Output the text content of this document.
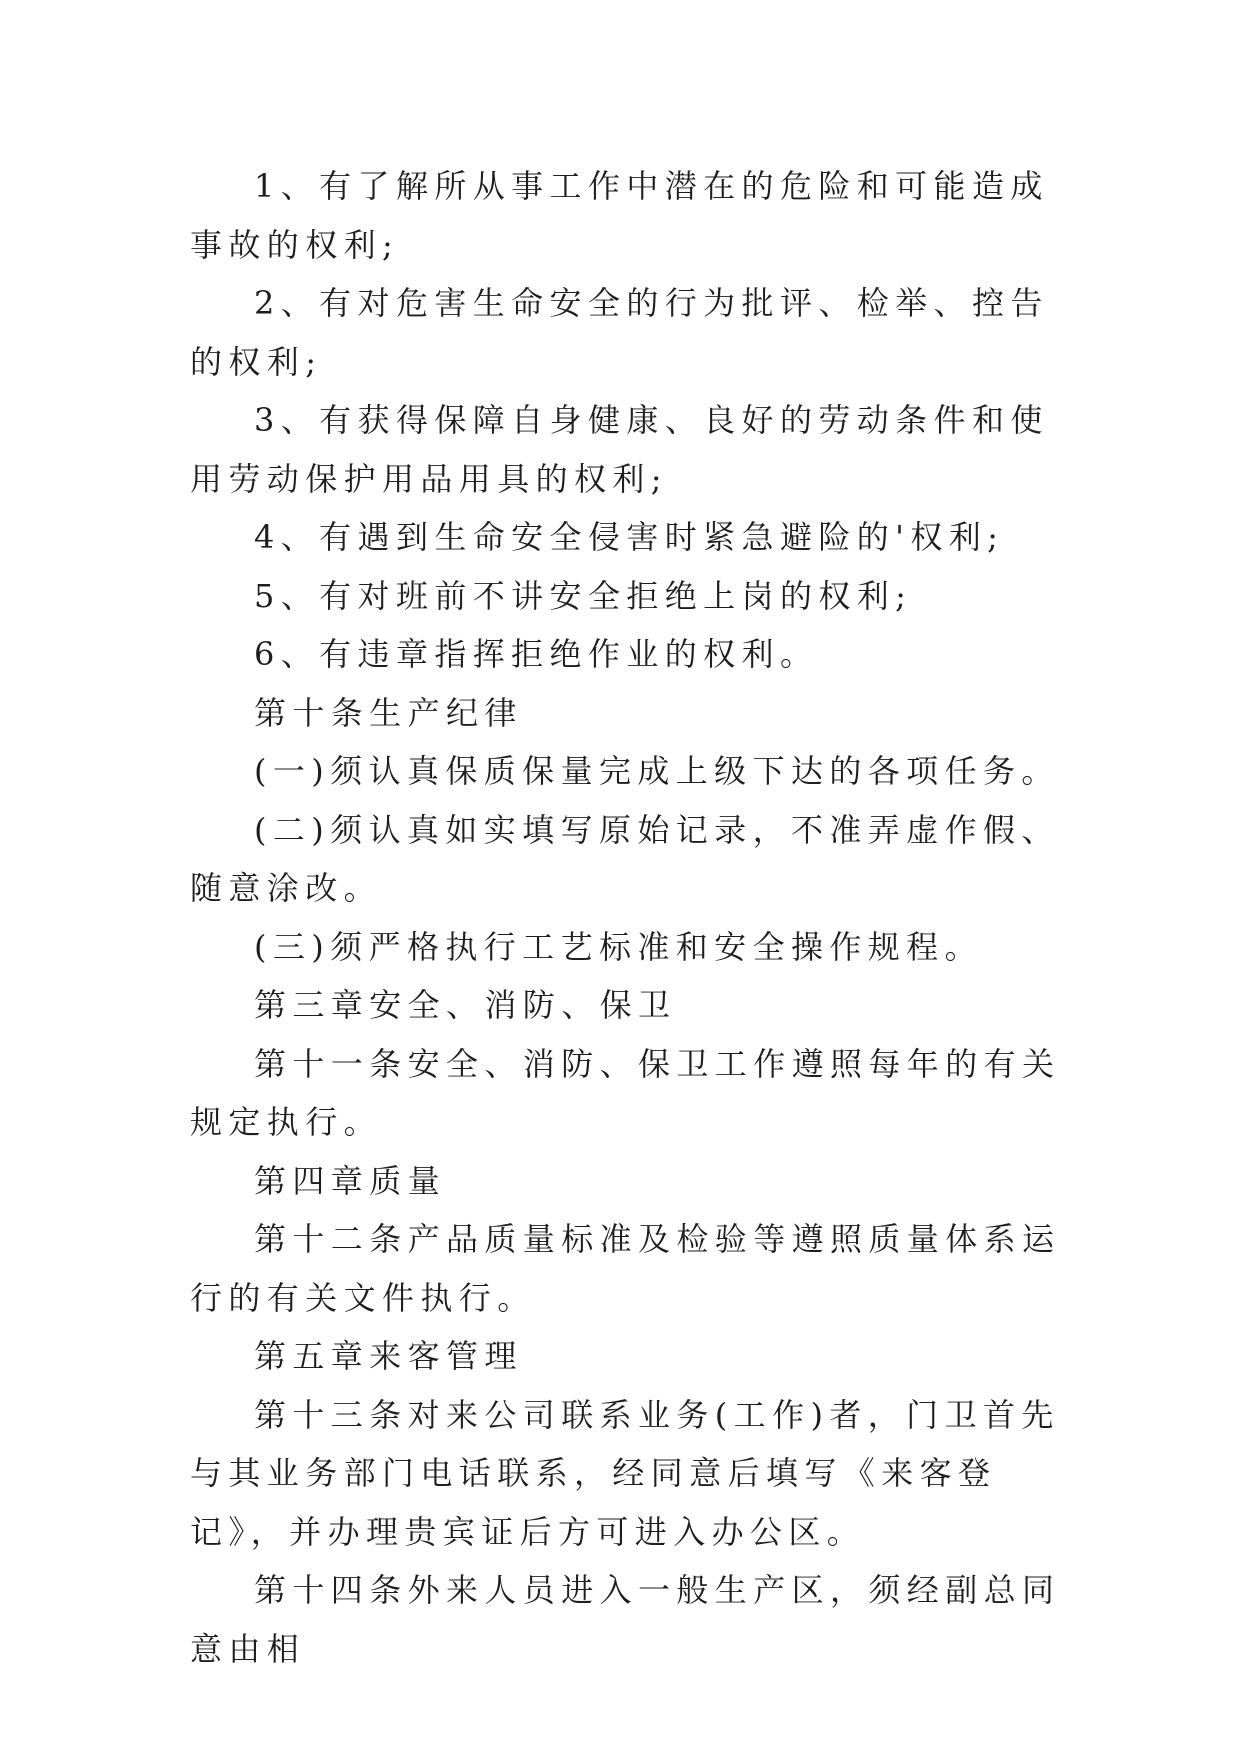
1、有了解所从事工作中潜在的危险和可能造成事故的权利;

2、有对危害生命安全的行为批评、检举、控告的权利;

3、有获得保障自身健康、良好的劳动条件和使用劳动保护用品用具的权利;

4、有遇到生命安全侵害时紧急避险的'权利;

5、有对班前不讲安全拒绝上岗的权利;

6、有违章指挥拒绝作业的权利。

第十条生产纪律

(一)须认真保质保量完成上级下达的各项任务。

(二)须认真如实填写原始记录，不准弄虚作假、随意涂改。

(三)须严格执行工艺标准和安全操作规程。

第三章安全、消防、保卫

第十一条安全、消防、保卫工作遵照每年的有关规定执行。

第四章质量

第十二条产品质量标准及检验等遵照质量体系运行的有关文件执行。

第五章来客管理

第十三条对来公司联系业务(工作)者，门卫首先与其业务部门电话联系，经同意后填写《来客登记》，并办理贵宾证后方可进入办公区。

第十四条外来人员进入一般生产区，须经副总同意由相
